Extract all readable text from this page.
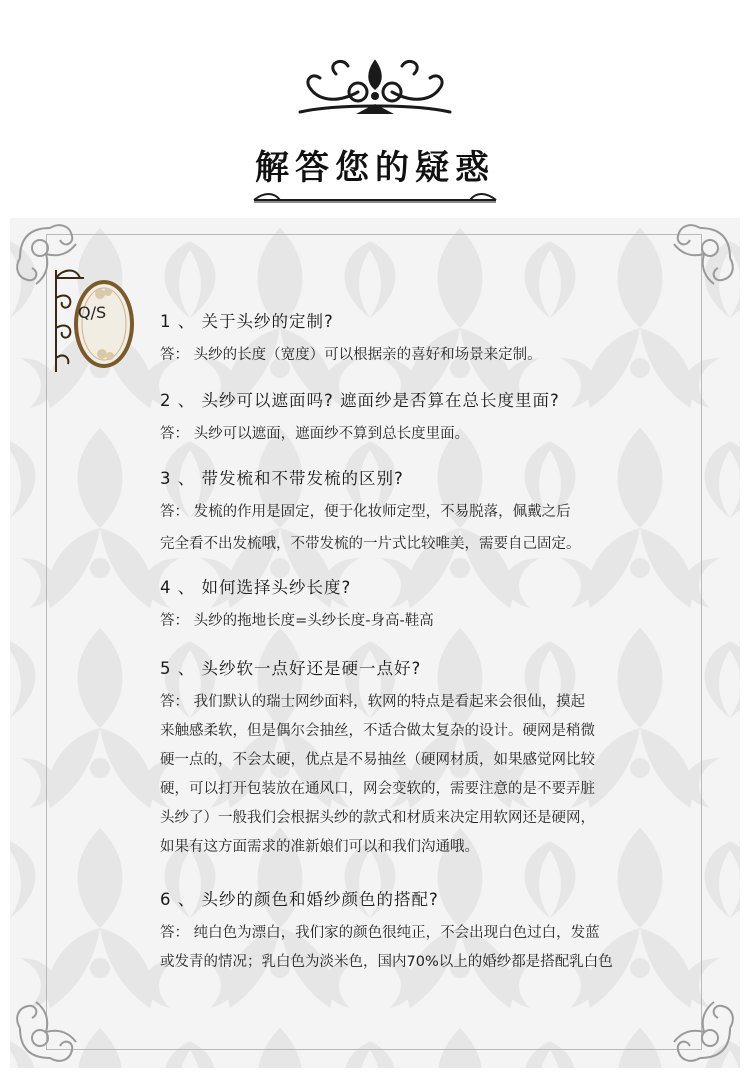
解答您的疑惑
Q/S	1 、 关于头纱的定制?

答： 头纱的长度（宽度）可以根据亲的喜好和场景来定制。

2 、 头纱可以遮面吗? 遮面纱是否算在总长度里面?

答： 头纱可以遮面，遮面纱不算到总长度里面。

3 、 带发梳和不带发梳的区别?

答： 发梳的作用是固定，便于化妆师定型，不易脱落，佩戴之后

完全看不出发梳哦，不带发梳的一片式比较唯美，需要自己固定。

4 、 如何选择头纱长度?

答： 头纱的拖地长度=头纱长度-身高-鞋高

5 、 头纱软一点好还是硬一点好?

答： 我们默认的瑞士网纱面料，软网的特点是看起来会很仙，摸起

来触感柔软，但是偶尔会抽丝，不适合做太复杂的设计。硬网是稍微

硬一点的，不会太硬，优点是不易抽丝（硬网材质，如果感觉网比较

硬，可以打开包装放在通风口，网会变软的，需要注意的是不要弄脏

头纱了）一般我们会根据头纱的款式和材质来决定用软网还是硬网，

如果有这方面需求的准新娘们可以和我们沟通哦。

6 、 头纱的颜色和婚纱颜色的搭配?

答： 纯白色为漂白，我们家的颜色很纯正，不会出现白色过白，发蓝

或发青的情况；乳白色为淡米色，国内70%以上的婚纱都是搭配乳白色
